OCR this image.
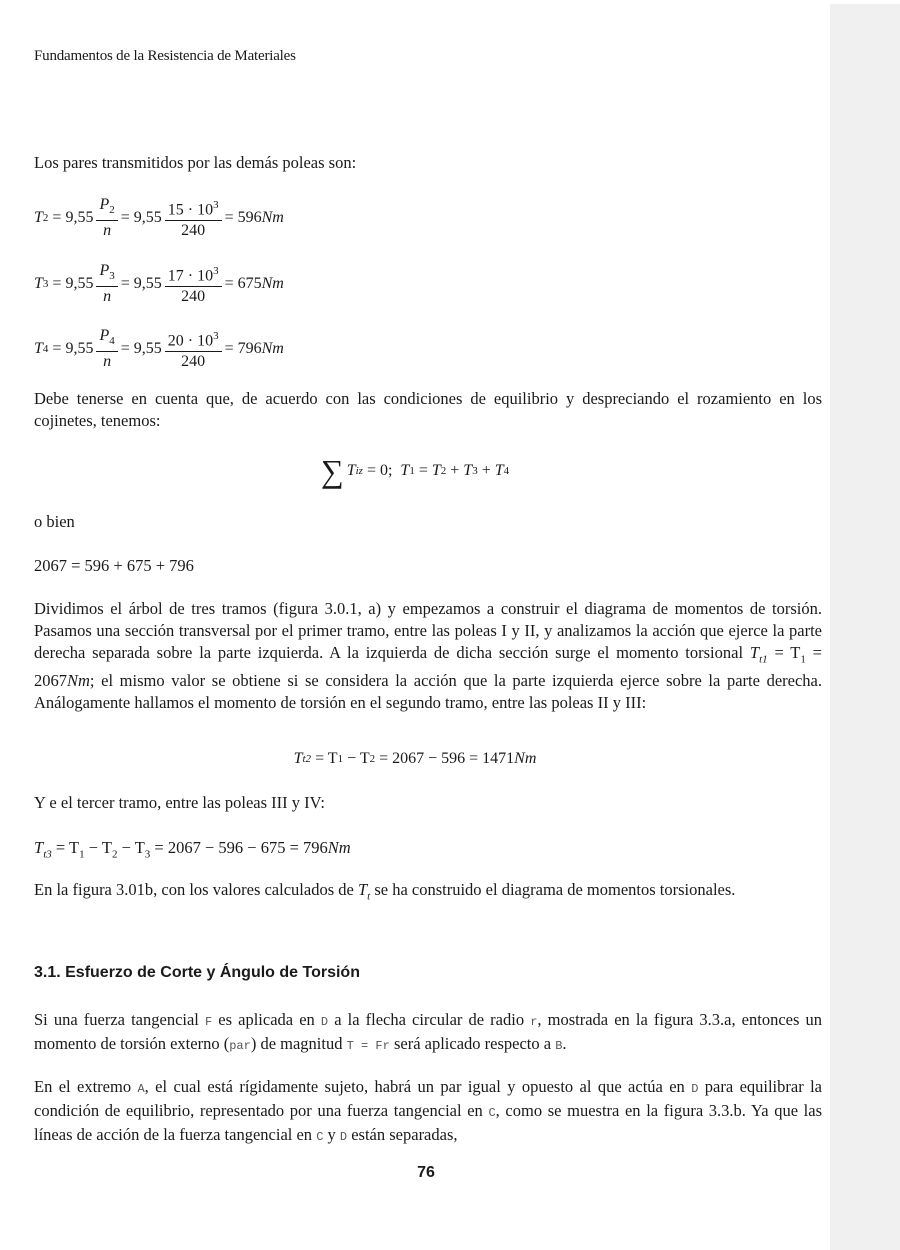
Fundamentos de la Resistencia de Materiales
Los pares transmitidos por las demás poleas son:
T $2 = 9,55 \frac{P_2}{n} = 9,55 \frac{15 \cdot 10^3}{240} = 596$ Nm
T $3 = 9,55 \frac{P_3}{n} = 9,55 \frac{17 \cdot 10^3}{240} = 675$ Nm
T $4 = 9,55 \frac{P_4}{n} = 9,55 \frac{20 \cdot 10^3}{240} = 796$ Nm
Debe tenerse en cuenta que, de acuerdo con las condiciones de equilibrio y despreciando el rozamiento en los cojinetes, tenemos:
∑ T iz = 0; T 1 = T 2 + T 3 + T 4
o bien
2067 = 596 + 675 + 796
Dividimos el árbol de tres tramos (figura 3.0.1, a) y empezamos a construir el diagrama de momentos de torsión. Pasamos una sección transversal por el primer tramo, entre las poleas I y II, y analizamos la acción que ejerce la parte derecha separada sobre la parte izquierda. A la izquierda de dicha sección surge el momento torsional $T_{t1} = T_1 = 2067Nm$; el mismo valor se obtiene si se considera la acción que la parte izquierda ejerce sobre la parte derecha. Análogamente hallamos el momento de torsión en el segundo tramo, entre las poleas II y III:
T t2 = T 1 − T 2 = 2067 − 596 = 1471 Nm
Y e el tercer tramo, entre las poleas III y IV:
$T_{t3} = T_1 - T_2 - T_3 = 2067 - 596 - 675 = 796Nm$
En la figura 3.01b, con los valores calculados de $T_t$ se ha construido el diagrama de momentos torsionales.
3.1. Esfuerzo de Corte y Ángulo de Torsión
Si una fuerza tangencial F es aplicada en D a la flecha circular de radio r, mostrada en la figura 3.3.a, entonces un momento de torsión externo (par) de magnitud T = Fr será aplicado respecto a B.
En el extremo A, el cual está rígidamente sujeto, habrá un par igual y opuesto al que actúa en D para equilibrar la condición de equilibrio, representado por una fuerza tangencial en C, como se muestra en la figura 3.3.b. Ya que las líneas de acción de la fuerza tangencial en C y D están separadas,
76
